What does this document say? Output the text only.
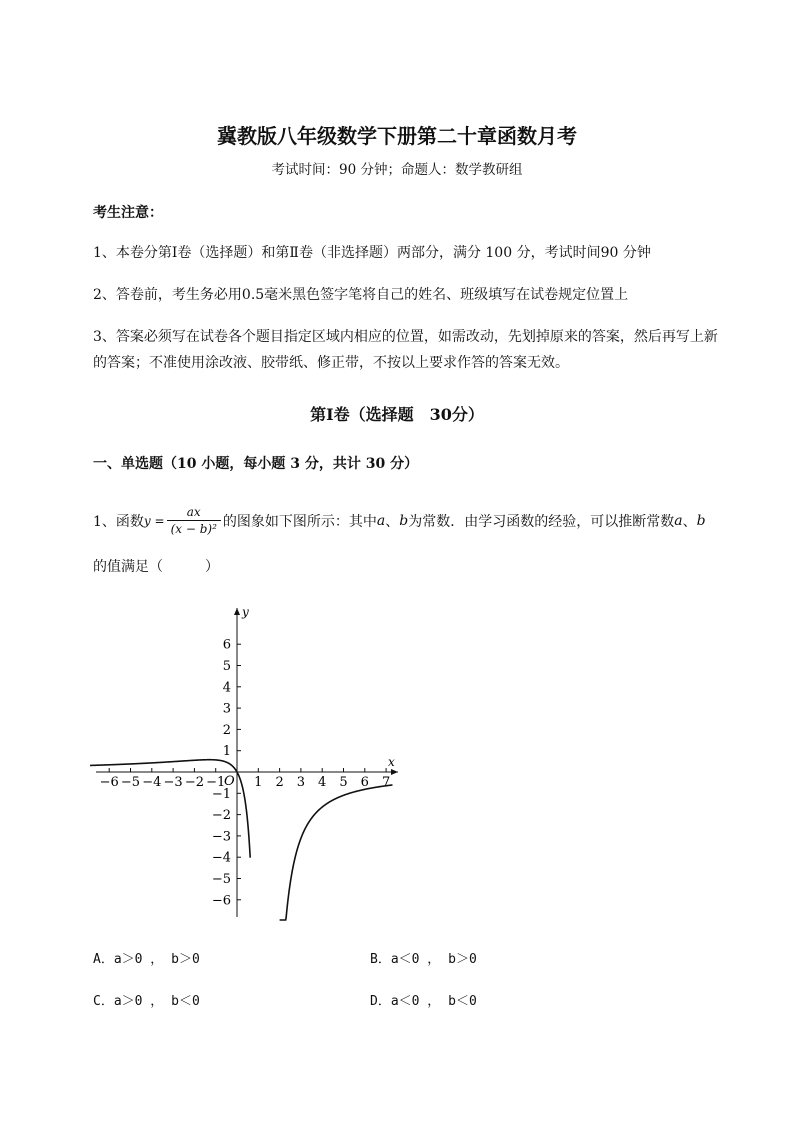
冀教版八年级数学下册第二十章函数月考
考试时间：90 分钟；命题人：数学教研组
考生注意：
1、本卷分第Ⅰ卷（选择题）和第Ⅱ卷（非选择题）两部分，满分 100 分，考试时间90 分钟
2、答卷前，考生务必用0.5毫米黑色签字笔将自己的姓名、班级填写在试卷规定位置上
3、答案必须写在试卷各个题目指定区域内相应的位置，如需改动，先划掉原来的答案，然后再写上新
的答案；不准使用涂改液、胶带纸、修正带，不按以上要求作答的答案无效。
第Ⅰ卷（选择题　30分）
一、单选题（10 小题，每小题 3 分，共计 30 分）
1、函数 $y = \frac{ax}{\text{(x − b)²}}$ 的图象如下图所示：其中 a 、 b 为常数．由学习函数的经验，可以推断常数 a 、 b
的值满足（　　　）
x
y
O
−6 −5 −4 −3 −2 −1 1 2 3 4 5 6 7
6
5
4
3
2
1
−1
−2
−3
−4
−5
−6
A．a＞0 ， b＞0	B．a＜0 ， b＞0
C．a＞0 ， b＜0	D．a＜0 ， b＜0
